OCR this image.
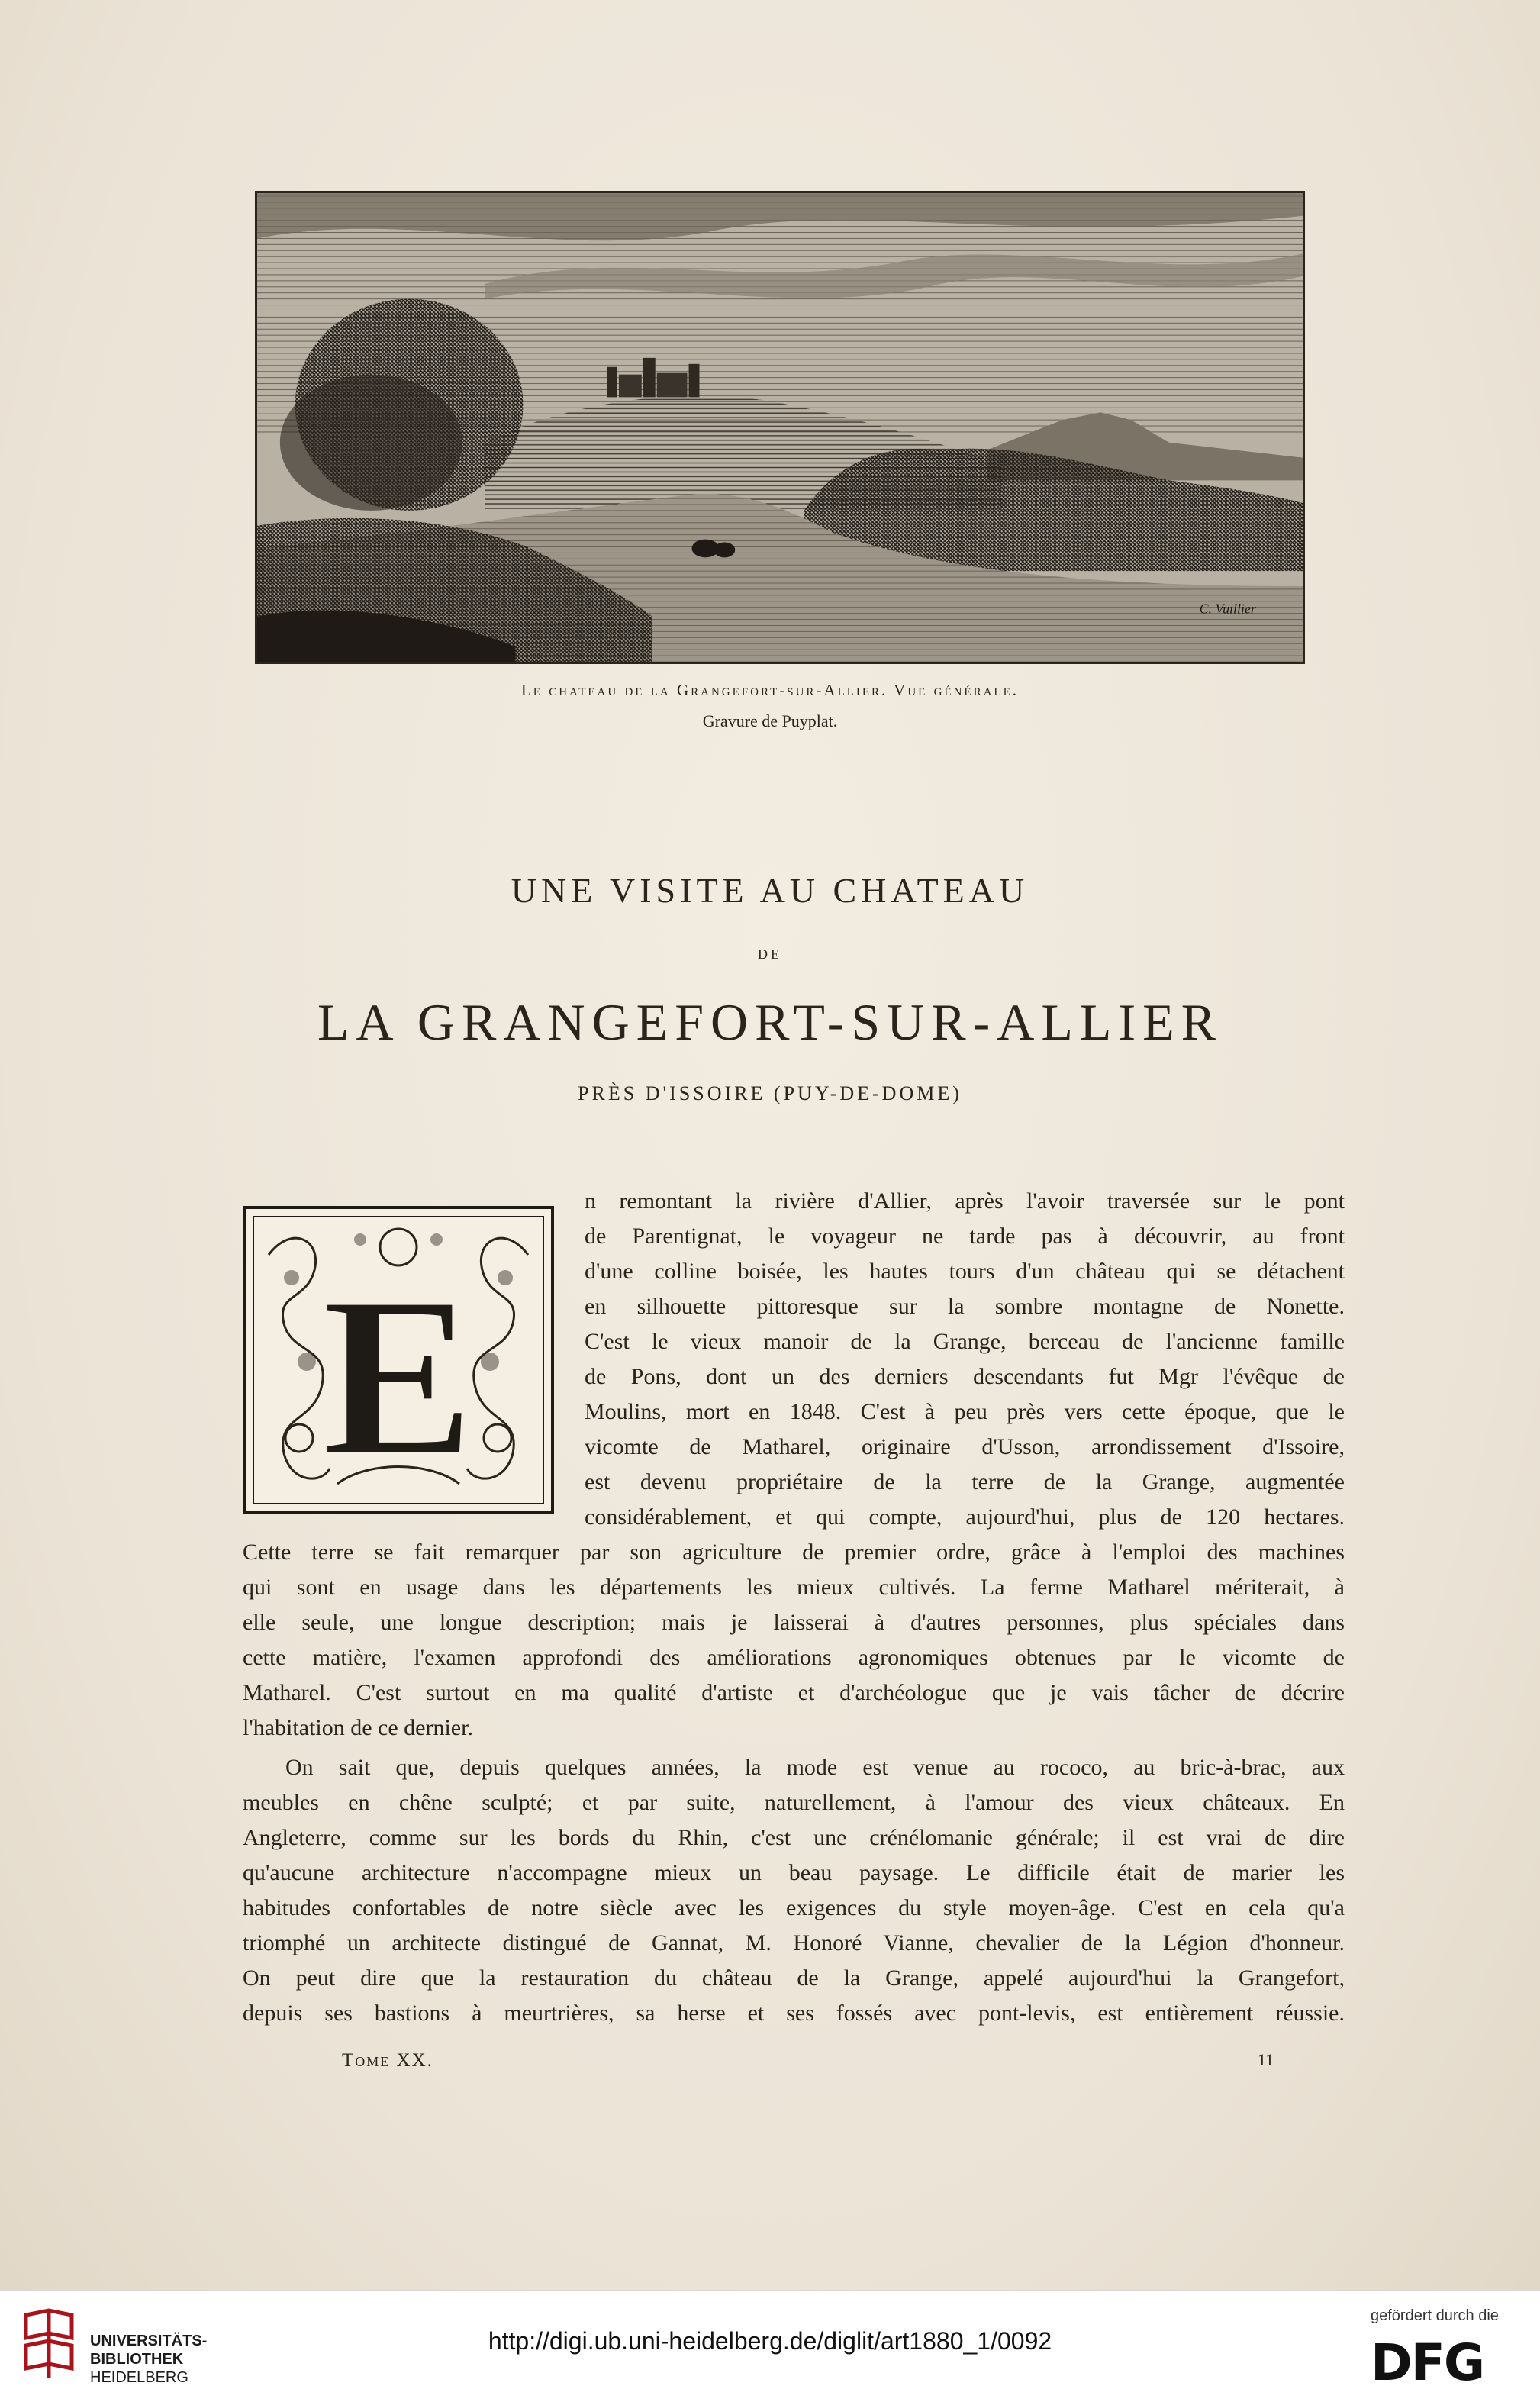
Puyplat sc.
C. Vuillier
Le chateau de la Grangefort-sur-Allier. Vue générale.
Gravure de Puyplat.
UNE VISITE AU CHATEAU
DE
LA GRANGEFORT-SUR-ALLIER
PRÈS D'ISSOIRE (PUY-DE-DOME)
E
n remontant la rivière d'Allier, après l'avoir traversée sur le pont
de Parentignat, le voyageur ne tarde pas à découvrir, au front
d'une colline boisée, les hautes tours d'un château qui se détachent
en silhouette pittoresque sur la sombre montagne de Nonette.
C'est le vieux manoir de la Grange, berceau de l'ancienne famille
de Pons, dont un des derniers descendants fut Mgr l'évêque de
Moulins, mort en 1848. C'est à peu près vers cette époque, que le
vicomte de Matharel, originaire d'Usson, arrondissement d'Issoire,
est devenu propriétaire de la terre de la Grange, augmentée
considérablement, et qui compte, aujourd'hui, plus de 120 hectares.
Cette terre se fait remarquer par son agriculture de premier ordre, grâce à l'emploi des machines
qui sont en usage dans les départements les mieux cultivés. La ferme Matharel mériterait, à
elle seule, une longue description; mais je laisserai à d'autres personnes, plus spéciales dans
cette matière, l'examen approfondi des améliorations agronomiques obtenues par le vicomte de
Matharel. C'est surtout en ma qualité d'artiste et d'archéologue que je vais tâcher de décrire
l'habitation de ce dernier.
On sait que, depuis quelques années, la mode est venue au rococo, au bric-à-brac, aux
meubles en chêne sculpté; et par suite, naturellement, à l'amour des vieux châteaux. En
Angleterre, comme sur les bords du Rhin, c'est une crénélomanie générale; il est vrai de dire
qu'aucune architecture n'accompagne mieux un beau paysage. Le difficile était de marier les
habitudes confortables de notre siècle avec les exigences du style moyen-âge. C'est en cela qu'a
triomphé un architecte distingué de Gannat, M. Honoré Vianne, chevalier de la Légion d'honneur.
On peut dire que la restauration du château de la Grange, appelé aujourd'hui la Grangefort,
depuis ses bastions à meurtrières, sa herse et ses fossés avec pont-levis, est entièrement réussie.
Tome XX.	11

UNIVERSITÄTS-
BIBLIOTHEK
HEIDELBERG

http://digi.ub.uni-heidelberg.de/diglit/art1880_1/0092
gefördert durch die
DFG
